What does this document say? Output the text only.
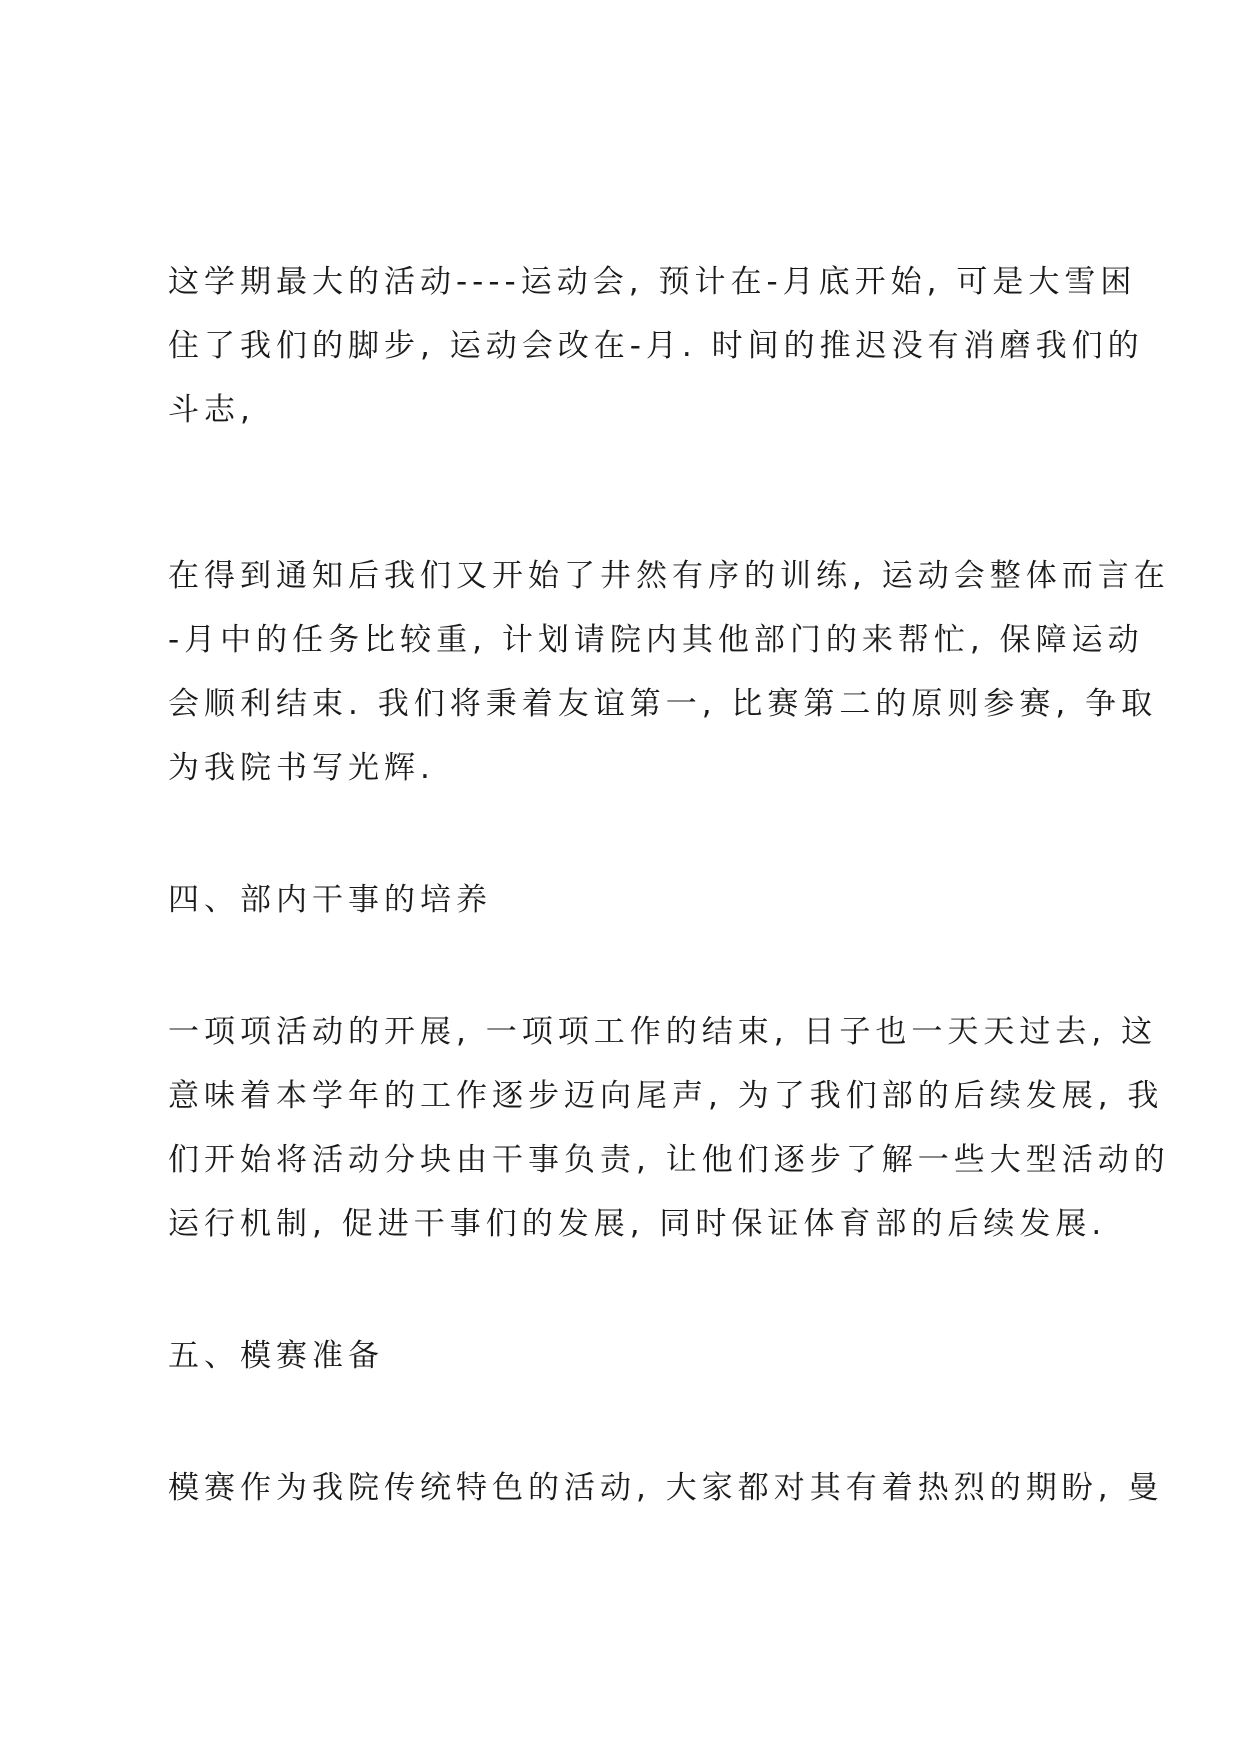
这学期最大的活动----运动会, 预计在-月底开始, 可是大雪困
住了我们的脚步, 运动会改在-月. 时间的推迟没有消磨我们的
斗志,
在得到通知后我们又开始了井然有序的训练, 运动会整体而言在
-月中的任务比较重, 计划请院内其他部门的来帮忙, 保障运动
会顺利结束. 我们将秉着友谊第一, 比赛第二的原则参赛, 争取
为我院书写光辉.
四、部内干事的培养
一项项活动的开展, 一项项工作的结束, 日子也一天天过去, 这
意味着本学年的工作逐步迈向尾声, 为了我们部的后续发展, 我
们开始将活动分块由干事负责, 让他们逐步了解一些大型活动的
运行机制, 促进干事们的发展, 同时保证体育部的后续发展.
五、模赛准备
模赛作为我院传统特色的活动, 大家都对其有着热烈的期盼, 曼
